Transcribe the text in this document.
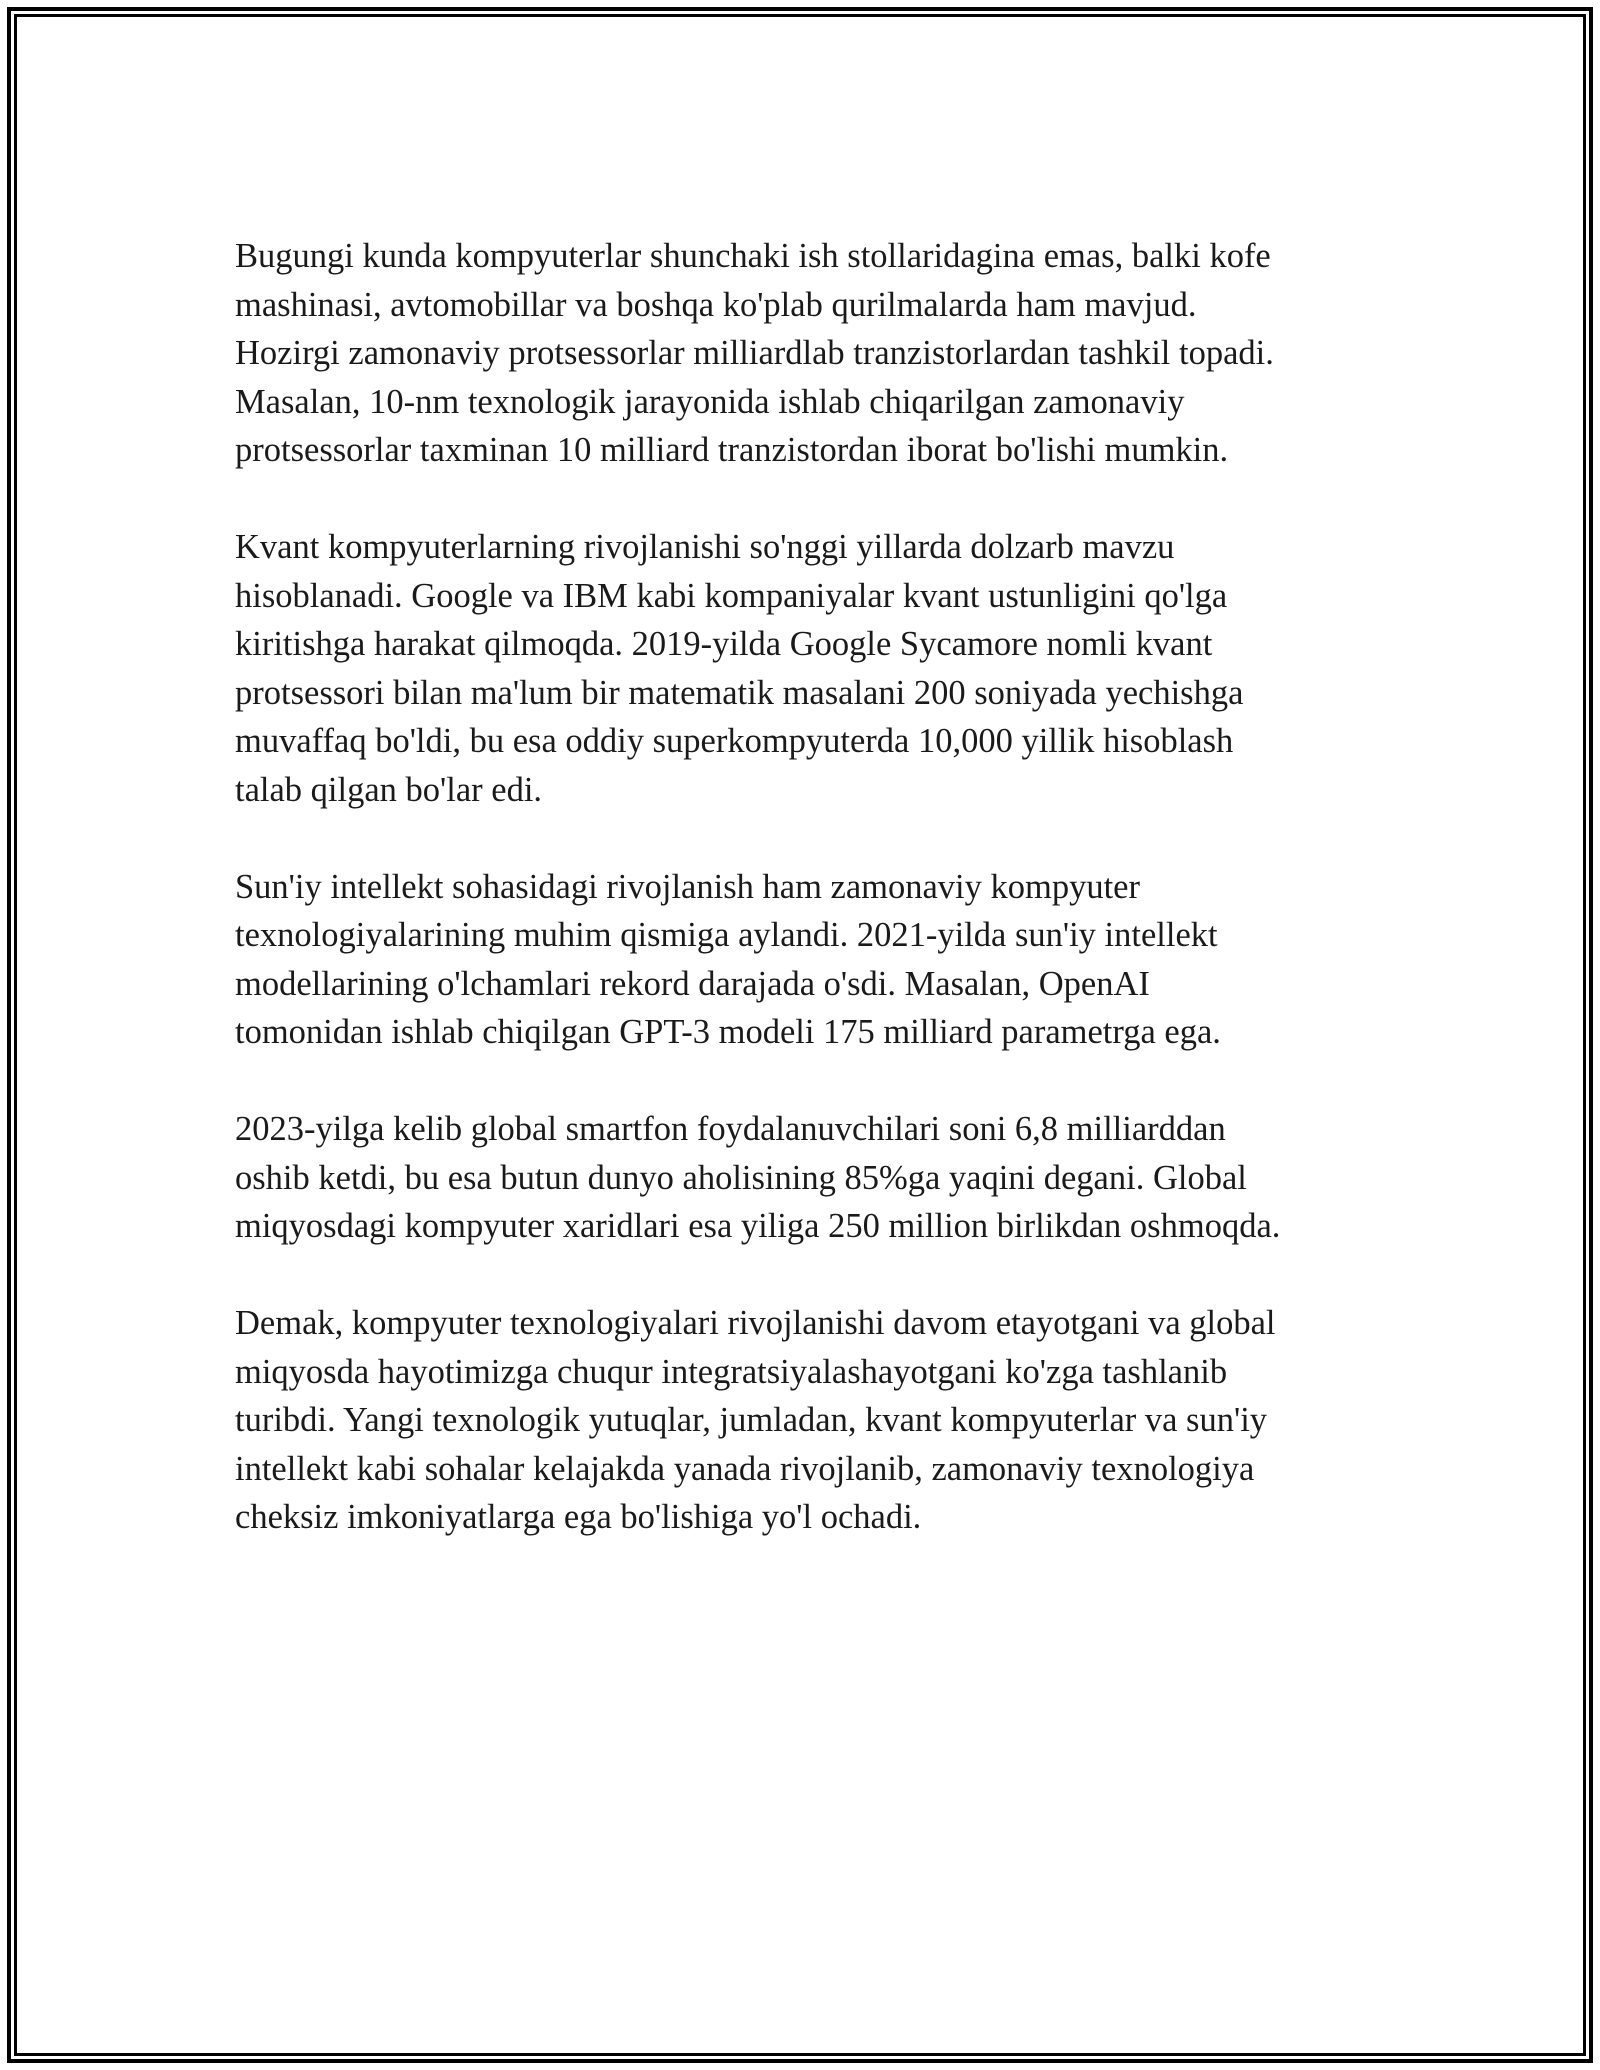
Bugungi kunda kompyuterlar shunchaki ish stollaridagina emas, balki kofe
mashinasi, avtomobillar va boshqa ko'plab qurilmalarda ham mavjud.
Hozirgi zamonaviy protsessorlar milliardlab tranzistorlardan tashkil topadi.
Masalan, 10-nm texnologik jarayonida ishlab chiqarilgan zamonaviy
protsessorlar taxminan 10 milliard tranzistordan iborat bo'lishi mumkin.

Kvant kompyuterlarning rivojlanishi so'nggi yillarda dolzarb mavzu
hisoblanadi. Google va IBM kabi kompaniyalar kvant ustunligini qo'lga
kiritishga harakat qilmoqda. 2019-yilda Google Sycamore nomli kvant
protsessori bilan ma'lum bir matematik masalani 200 soniyada yechishga
muvaffaq bo'ldi, bu esa oddiy superkompyuterda 10,000 yillik hisoblash
talab qilgan bo'lar edi.

Sun'iy intellekt sohasidagi rivojlanish ham zamonaviy kompyuter
texnologiyalarining muhim qismiga aylandi. 2021-yilda sun'iy intellekt
modellarining o'lchamlari rekord darajada o'sdi. Masalan, OpenAI
tomonidan ishlab chiqilgan GPT-3 modeli 175 milliard parametrga ega.

2023-yilga kelib global smartfon foydalanuvchilari soni 6,8 milliarddan
oshib ketdi, bu esa butun dunyo aholisining 85%ga yaqini degani. Global
miqyosdagi kompyuter xaridlari esa yiliga 250 million birlikdan oshmoqda.

Demak, kompyuter texnologiyalari rivojlanishi davom etayotgani va global
miqyosda hayotimizga chuqur integratsiyalashayotgani ko'zga tashlanib
turibdi. Yangi texnologik yutuqlar, jumladan, kvant kompyuterlar va sun'iy
intellekt kabi sohalar kelajakda yanada rivojlanib, zamonaviy texnologiya
cheksiz imkoniyatlarga ega bo'lishiga yo'l ochadi.
